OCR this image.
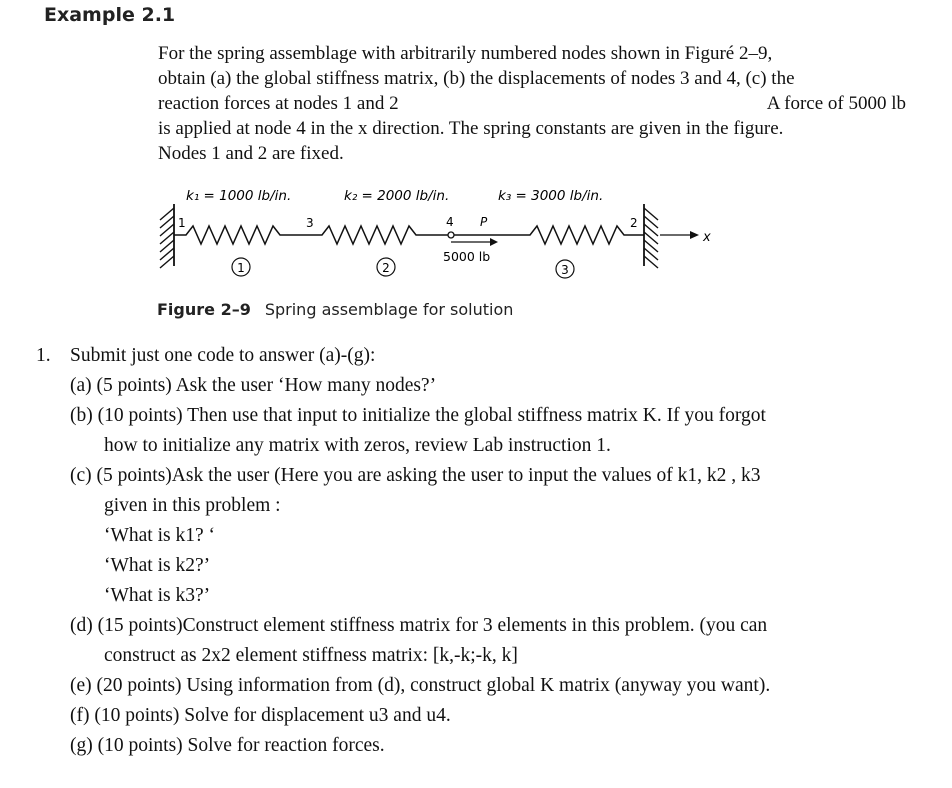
Example 2.1
For the spring assemblage with arbitrarily numbered nodes shown in Figuré 2–9,
obtain (a) the global stiffness matrix, (b) the displacements of nodes 3 and 4, (c) the
reaction forces at nodes 1 and 2	A force of 5000 lb
is applied at node 4 in the x direction. The spring constants are given in the figure.
Nodes 1 and 2 are fixed.
k₁ = 1000 lb/in.	k₂ = 2000 lb/in.	k₃ = 3000 lb/in.
1	3	4 P
5000 lb
2
x
1	2	3
Figure 2–9 Spring assemblage for solution
1. Submit just one code to answer (a)-(g):
(a) (5 points) Ask the user ‘How many nodes?’
(b) (10 points) Then use that input to initialize the global stiffness matrix K. If you forgot
how to initialize any matrix with zeros, review Lab instruction 1.
(c) (5 points)Ask the user (Here you are asking the user to input the values of k1, k2 , k3
given in this problem :
‘What is k1? ‘
‘What is k2?’
‘What is k3?’
(d) (15 points)Construct element stiffness matrix for 3 elements in this problem. (you can
construct as 2x2 element stiffness matrix: [k,-k;-k, k]
(e) (20 points) Using information from (d), construct global K matrix (anyway you want).
(f) (10 points) Solve for displacement u3 and u4.
(g) (10 points) Solve for reaction forces.
